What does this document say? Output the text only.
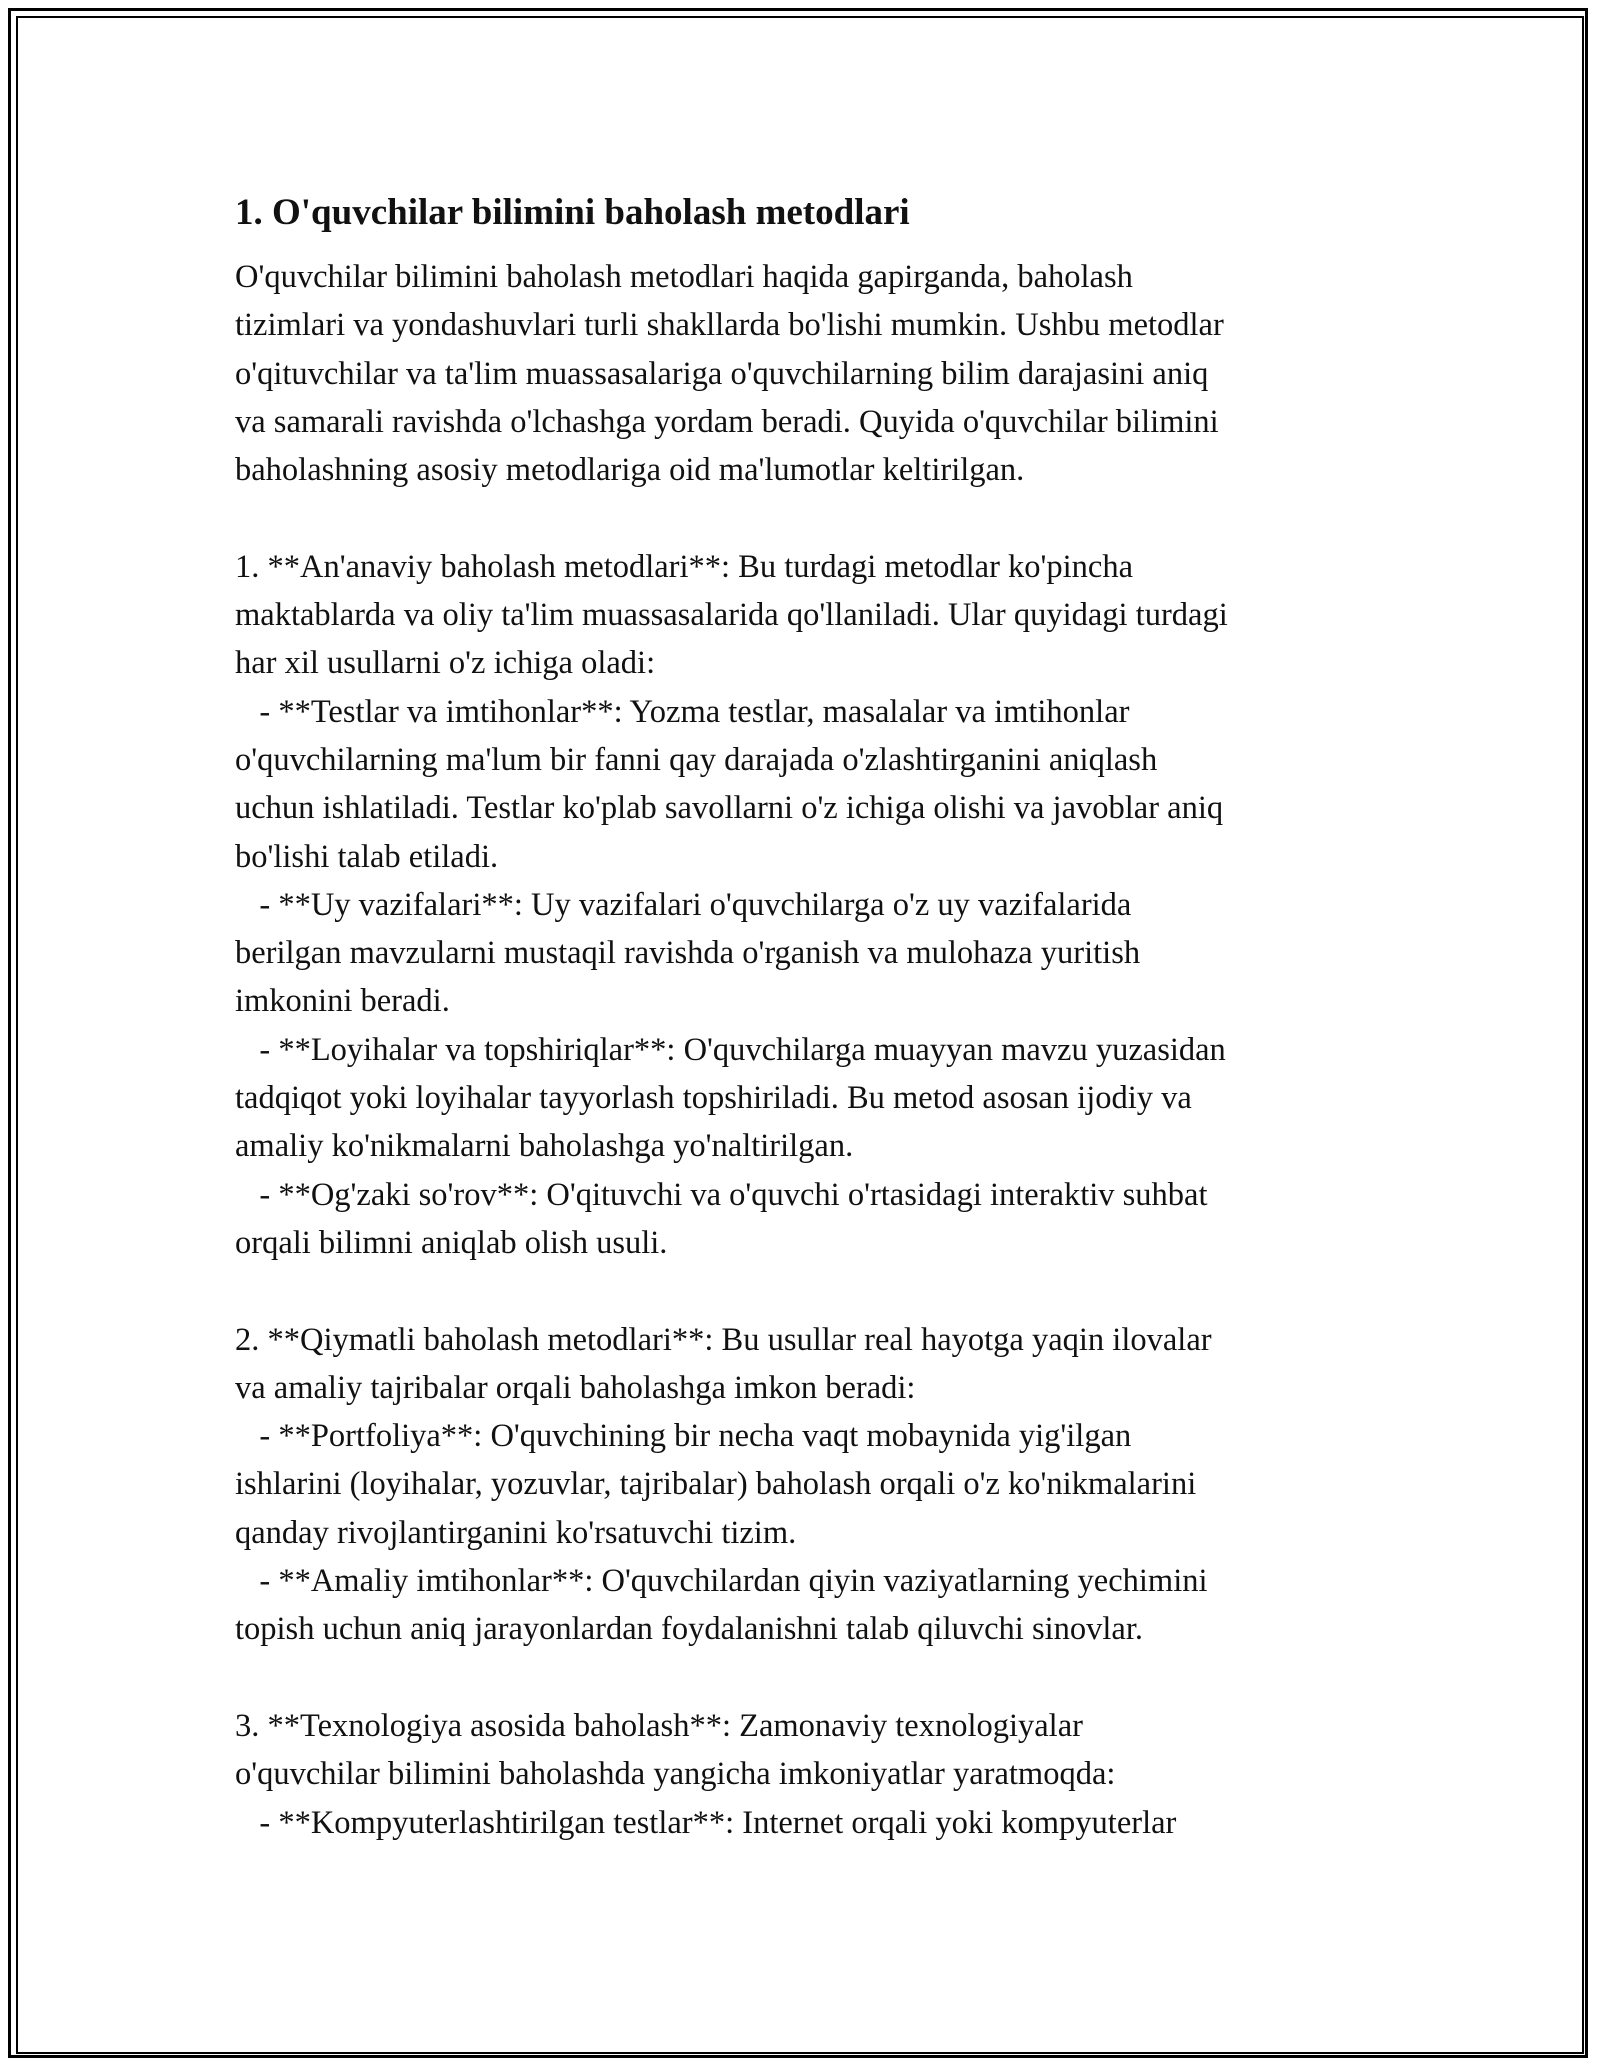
1. O'quvchilar bilimini baholash metodlari
O'quvchilar bilimini baholash metodlari haqida gapirganda, baholash
tizimlari va yondashuvlari turli shakllarda bo'lishi mumkin. Ushbu metodlar
o'qituvchilar va ta'lim muassasalariga o'quvchilarning bilim darajasini aniq
va samarali ravishda o'lchashga yordam beradi. Quyida o'quvchilar bilimini
baholashning asosiy metodlariga oid ma'lumotlar keltirilgan.
1. **An'anaviy baholash metodlari**: Bu turdagi metodlar ko'pincha
maktablarda va oliy ta'lim muassasalarida qo'llaniladi. Ular quyidagi turdagi
har xil usullarni o'z ichiga oladi:
- **Testlar va imtihonlar**: Yozma testlar, masalalar va imtihonlar
o'quvchilarning ma'lum bir fanni qay darajada o'zlashtirganini aniqlash
uchun ishlatiladi. Testlar ko'plab savollarni o'z ichiga olishi va javoblar aniq
bo'lishi talab etiladi.
- **Uy vazifalari**: Uy vazifalari o'quvchilarga o'z uy vazifalarida
berilgan mavzularni mustaqil ravishda o'rganish va mulohaza yuritish
imkonini beradi.
- **Loyihalar va topshiriqlar**: O'quvchilarga muayyan mavzu yuzasidan
tadqiqot yoki loyihalar tayyorlash topshiriladi. Bu metod asosan ijodiy va
amaliy ko'nikmalarni baholashga yo'naltirilgan.
- **Og'zaki so'rov**: O'qituvchi va o'quvchi o'rtasidagi interaktiv suhbat
orqali bilimni aniqlab olish usuli.
2. **Qiymatli baholash metodlari**: Bu usullar real hayotga yaqin ilovalar
va amaliy tajribalar orqali baholashga imkon beradi:
- **Portfoliya**: O'quvchining bir necha vaqt mobaynida yig'ilgan
ishlarini (loyihalar, yozuvlar, tajribalar) baholash orqali o'z ko'nikmalarini
qanday rivojlantirganini ko'rsatuvchi tizim.
- **Amaliy imtihonlar**: O'quvchilardan qiyin vaziyatlarning yechimini
topish uchun aniq jarayonlardan foydalanishni talab qiluvchi sinovlar.
3. **Texnologiya asosida baholash**: Zamonaviy texnologiyalar
o'quvchilar bilimini baholashda yangicha imkoniyatlar yaratmoqda:
- **Kompyuterlashtirilgan testlar**: Internet orqali yoki kompyuterlar
